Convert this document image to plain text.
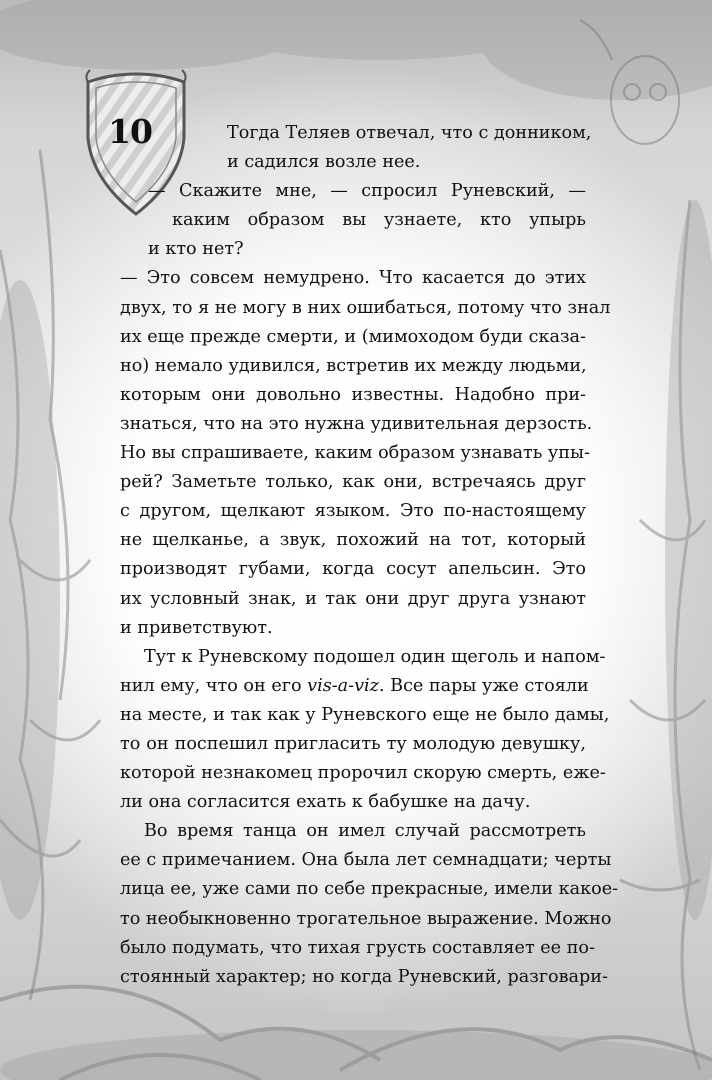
10	Тогда Теляев отвечал, что с донником,
и садился возле нее.
— Скажите мне, — спросил Руневский, —
каким образом вы узнаете, кто упырь
и кто нет?
— Это совсем немудрено. Что касается до этих
двух, то я не могу в них ошибаться, потому что знал
их еще прежде смерти, и (мимоходом буди сказа-
но) немало удивился, встретив их между людьми,
которым они довольно известны. Надобно при-
знаться, что на это нужна удивительная дерзость.
Но вы спрашиваете, каким образом узнавать упы-
рей? Заметьте только, как они, встречаясь друг
с другом, щелкают языком. Это по-настоящему
не щелканье, а звук, похожий на тот, который
производят губами, когда сосут апельсин. Это
их условный знак, и так они друг друга узнают
и приветствуют.
Тут к Руневскому подошел один щеголь и напом-
нил ему, что он его vis-a-viz. Все пары уже стояли
на месте, и так как у Руневского еще не было дамы,
то он поспешил пригласить ту молодую девушку,
которой незнакомец пророчил скорую смерть, еже-
ли она согласится ехать к бабушке на дачу.
Во время танца он имел случай рассмотреть
ее с примечанием. Она была лет семнадцати; черты
лица ее, уже сами по себе прекрасные, имели какое-
то необыкновенно трогательное выражение. Можно
было подумать, что тихая грусть составляет ее по-
стоянный характер; но когда Руневский, разговари-
